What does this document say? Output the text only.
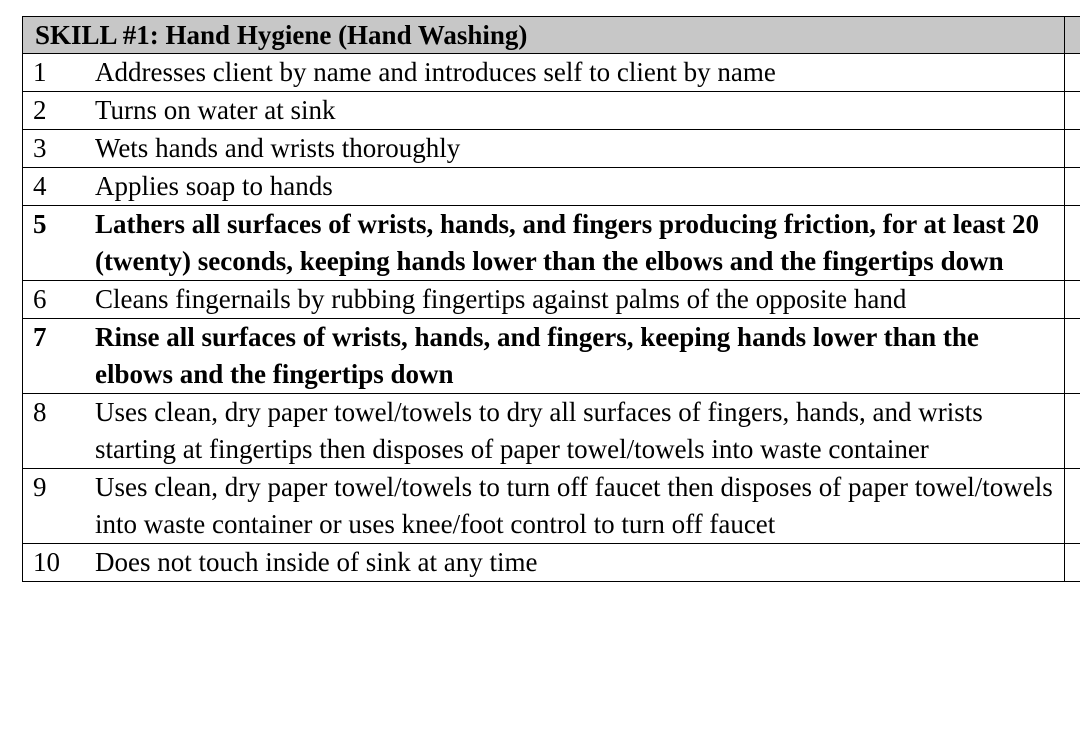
SKILL #1: Hand Hygiene (Hand Washing)	

1 Addresses client by name and introduces self to client by name	

2 Turns on water at sink	

3 Wets hands and wrists thoroughly	

4 Applies soap to hands	

5 Lathers all surfaces of wrists, hands, and fingers producing friction, for at least 20 (twenty) seconds, keeping hands lower than the elbows and the fingertips down	

6 Cleans fingernails by rubbing fingertips against palms of the opposite hand	

7 Rinse all surfaces of wrists, hands, and fingers, keeping hands lower than the elbows and the fingertips down	

8 Uses clean, dry paper towel/towels to dry all surfaces of fingers, hands, and wrists starting at fingertips then disposes of paper towel/towels into waste container	

9 Uses clean, dry paper towel/towels to turn off faucet then disposes of paper towel/towels into waste container or uses knee/foot control to turn off faucet	

10 Does not touch inside of sink at any time	
